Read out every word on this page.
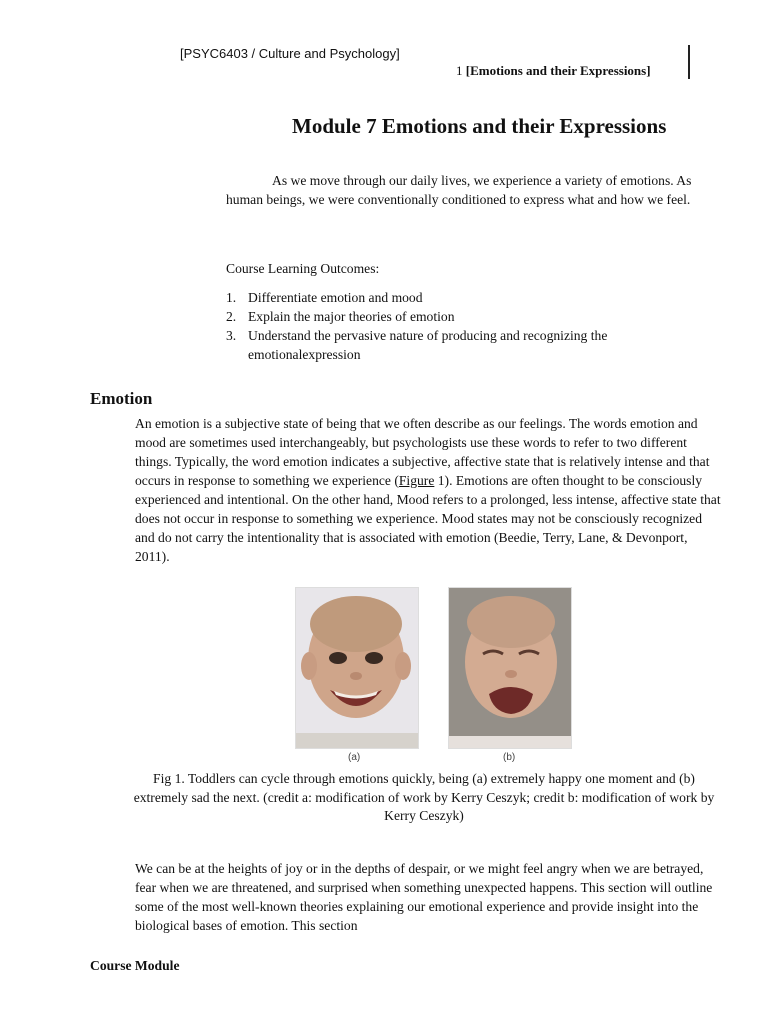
[PSYC6403 / Culture and Psychology]
1 [Emotions and their Expressions]
Module 7 Emotions and their Expressions

As we move through our daily lives, we experience a variety of emotions. As human beings, we were conventionally conditioned to express what and how we feel.

Course Learning Outcomes:
1. Differentiate emotion and mood
2. Explain the major theories of emotion
3. Understand the pervasive nature of producing and recognizing the emotionalexpression
Emotion

An emotion is a subjective state of being that we often describe as our feelings. The words emotion and mood are sometimes used interchangeably, but psychologists use these words to refer to two different things. Typically, the word emotion indicates a subjective, affective state that is relatively intense and that occurs in response to something we experience (Figure 1). Emotions are often thought to be consciously experienced and intentional. On the other hand, Mood refers to a prolonged, less intense, affective state that does not occur in response to something we experience. Mood states may not be consciously recognized and do not carry the intentionality that is associated with emotion (Beedie, Terry, Lane, & Devonport, 2011).

(a)	(b)
Fig 1. Toddlers can cycle through emotions quickly, being (a) extremely happy one moment and (b) extremely sad the next. (credit a: modification of work by Kerry Ceszyk; credit b: modification of work by Kerry Ceszyk)

We can be at the heights of joy or in the depths of despair, or we might feel angry when we are betrayed, fear when we are threatened, and surprised when something unexpected happens. This section will outline some of the most well-known theories explaining our emotional experience and provide insight into the biological bases of emotion. This section

Course Module
